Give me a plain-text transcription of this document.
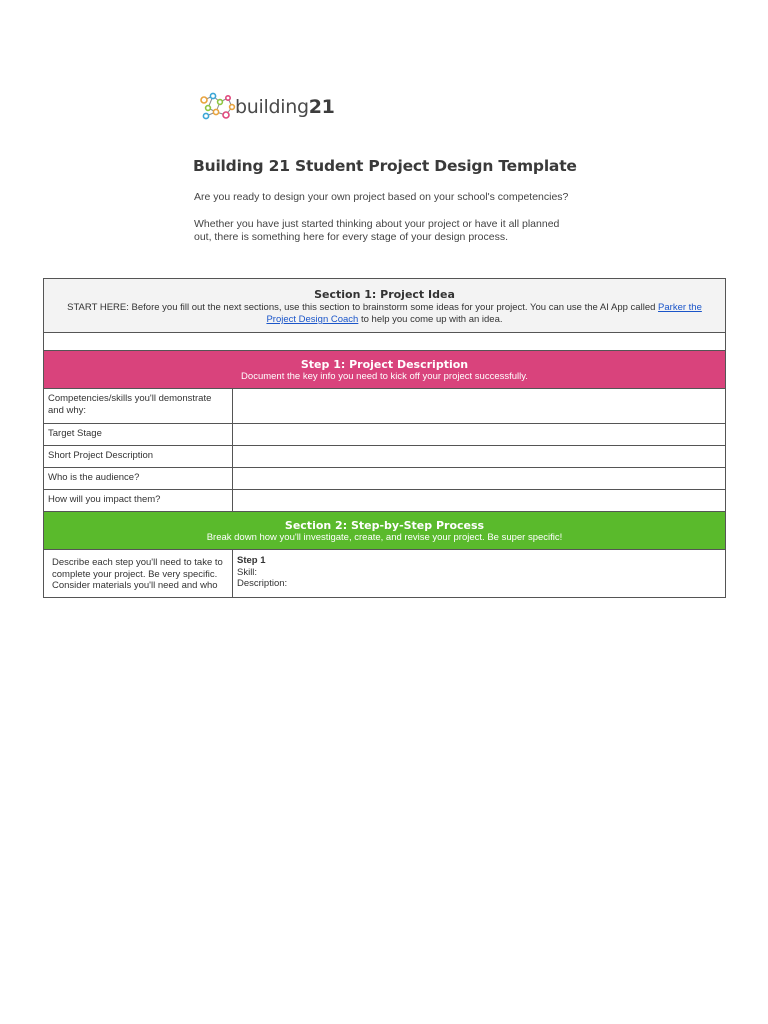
building21
Building 21 Student Project Design Template
Are you ready to design your own project based on your school's competencies?
Whether you have just started thinking about your project or have it all planned out, there is something here for every stage of your design process.
Section 1: Project Idea
START HERE: Before you fill out the next sections, use this section to brainstorm some ideas for your project. You can use the AI App called Parker the Project Design Coach to help you come up with an idea.	

Step 1: Project Description
Document the key info you need to kick off your project successfully.	

Competencies/skills you'll demonstrate and why:	
Target Stage	
Short Project Description	
Who is the audience?	
How will you impact them?	

Section 2: Step-by-Step Process
Break down how you'll investigate, create, and revise your project. Be super specific!	

Describe each step you'll need to take to complete your project. Be very specific. Consider materials you'll need and who	Step 1
Skill:
Description:
